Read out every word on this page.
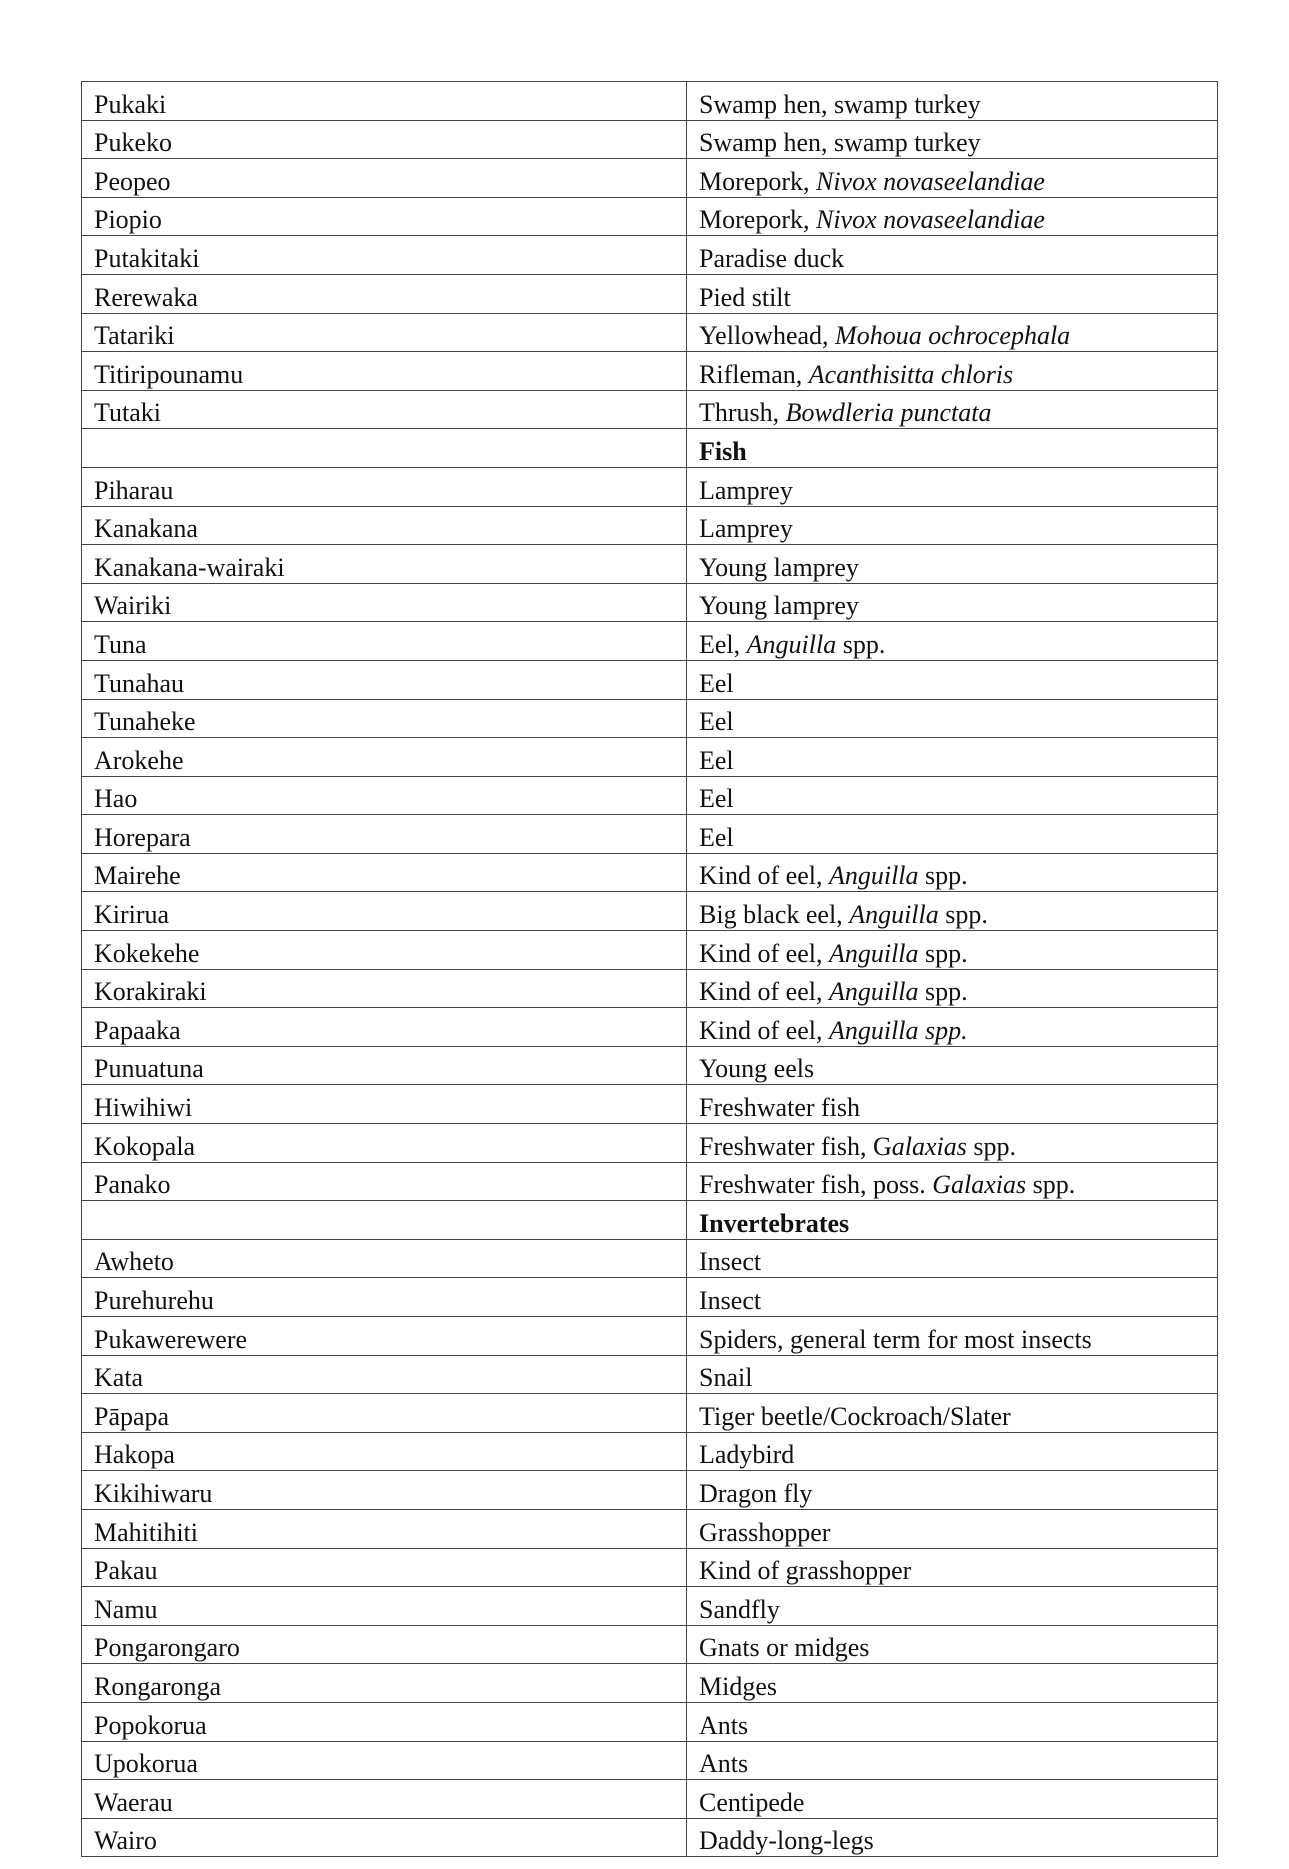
Pukaki	Swamp hen, swamp turkey
Pukeko	Swamp hen, swamp turkey
Peopeo	Morepork, Nivox novaseelandiae
Piopio	Morepork, Nivox novaseelandiae
Putakitaki	Paradise duck
Rerewaka	Pied stilt
Tatariki	Yellowhead, Mohoua ochrocephala
Titiripounamu	Rifleman, Acanthisitta chloris
Tutaki	Thrush, Bowdleria punctata
	Fish
Piharau	Lamprey
Kanakana	Lamprey
Kanakana-wairaki	Young lamprey
Wairiki	Young lamprey
Tuna	Eel, Anguilla spp.
Tunahau	Eel
Tunaheke	Eel
Arokehe	Eel
Hao	Eel
Horepara	Eel
Mairehe	Kind of eel, Anguilla spp.
Kirirua	Big black eel, Anguilla spp.
Kokekehe	Kind of eel, Anguilla spp.
Korakiraki	Kind of eel, Anguilla spp.
Papaaka	Kind of eel, Anguilla spp.
Punuatuna	Young eels
Hiwihiwi	Freshwater fish
Kokopala	Freshwater fish, Galaxias spp.
Panako	Freshwater fish, poss. Galaxias spp.
	Invertebrates
Awheto	Insect
Purehurehu	Insect
Pukawerewere	Spiders, general term for most insects
Kata	Snail
Pāpapa	Tiger beetle/Cockroach/Slater
Hakopa	Ladybird
Kikihiwaru	Dragon fly
Mahitihiti	Grasshopper
Pakau	Kind of grasshopper
Namu	Sandfly
Pongarongaro	Gnats or midges
Rongaronga	Midges
Popokorua	Ants
Upokorua	Ants
Waerau	Centipede
Wairo	Daddy-long-legs
